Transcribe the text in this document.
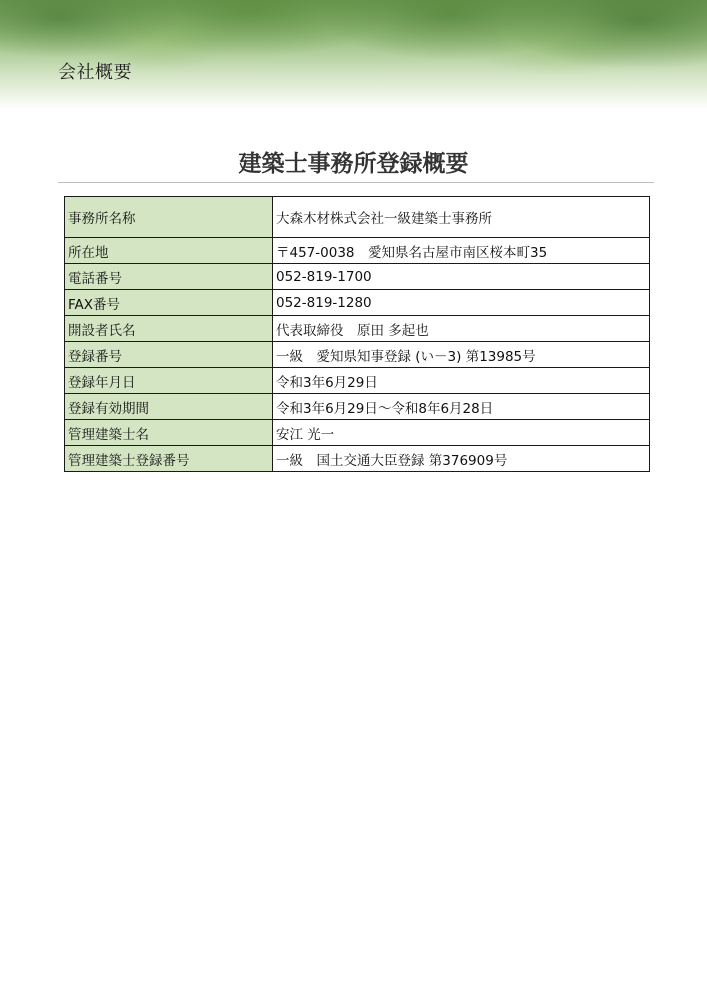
会社概要
建築士事務所登録概要
事務所名称	大森木材株式会社一級建築士事務所
所在地	〒457-0038　愛知県名古屋市南区桜本町35
電話番号	052-819-1700
FAX番号	052-819-1280
開設者氏名	代表取締役　原田 多起也
登録番号	一級　愛知県知事登録 (い－3) 第13985号
登録年月日	令和3年6月29日
登録有効期間	令和3年6月29日～令和8年6月28日
管理建築士名	安江 光一
管理建築士登録番号	一級　国土交通大臣登録 第376909号
